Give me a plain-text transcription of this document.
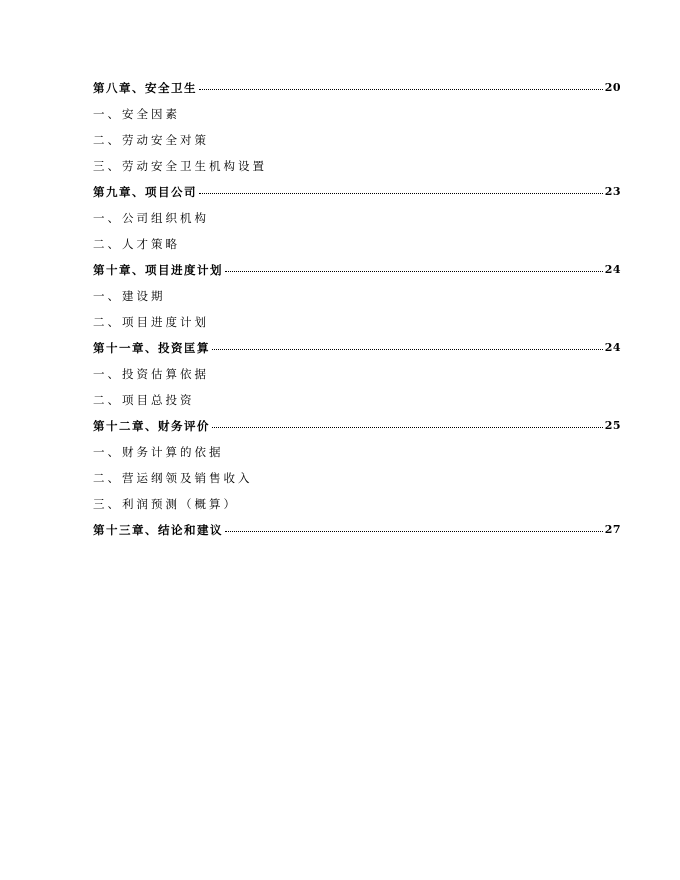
第八章、安全卫生	20
一、安全因素
二、劳动安全对策
三、劳动安全卫生机构设置
第九章、项目公司	23
一、公司组织机构
二、人才策略
第十章、项目进度计划	24
一、建设期
二、项目进度计划
第十一章、投资匡算	24
一、投资估算依据
二、项目总投资
第十二章、财务评价	25
一、财务计算的依据
二、营运纲领及销售收入
三、利润预测（概算）
第十三章、结论和建议	27
